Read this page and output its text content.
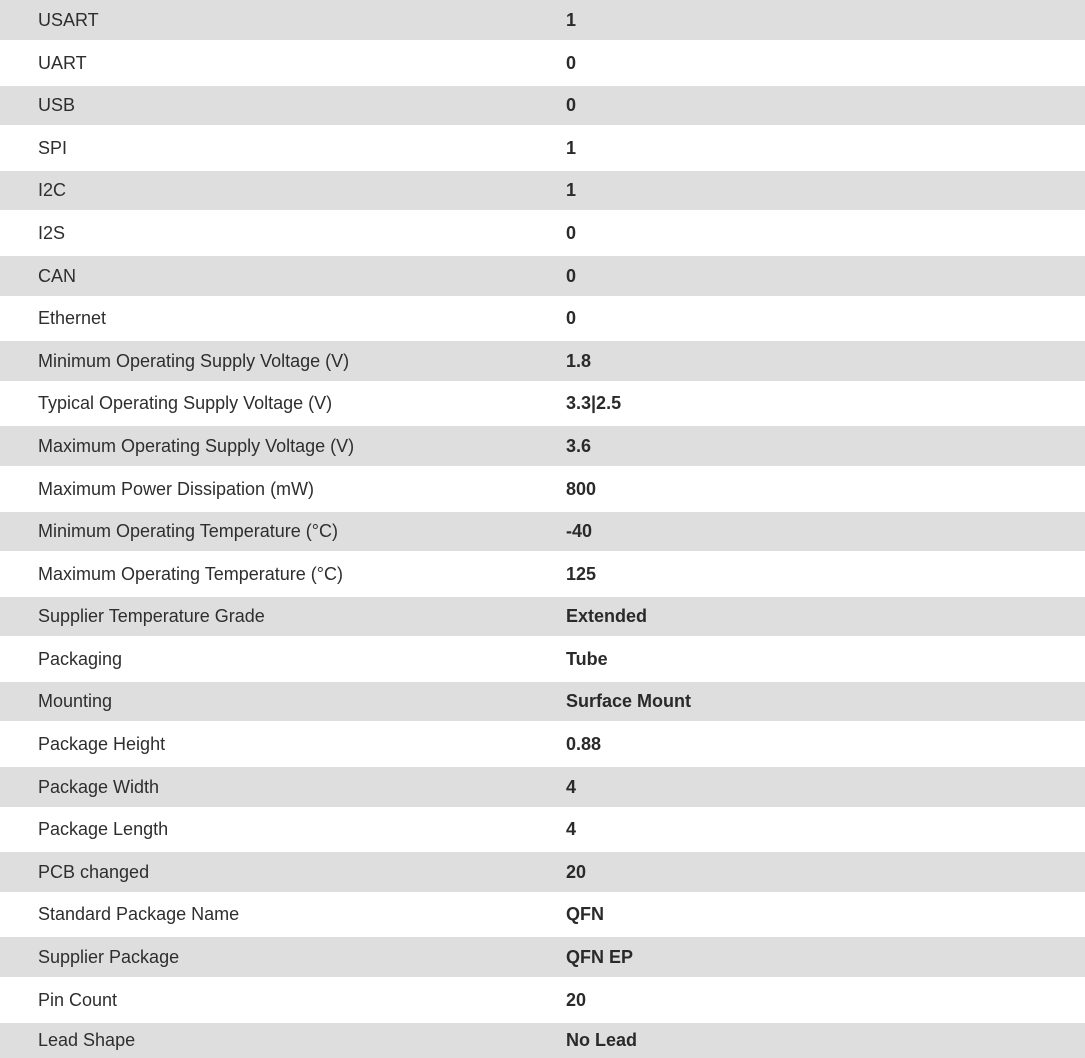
USART	1
UART	0
USB	0
SPI	1
I2C	1
I2S	0
CAN	0
Ethernet	0
Minimum Operating Supply Voltage (V)	1.8
Typical Operating Supply Voltage (V)	3.3|2.5
Maximum Operating Supply Voltage (V)	3.6
Maximum Power Dissipation (mW)	800
Minimum Operating Temperature (°C)	-40
Maximum Operating Temperature (°C)	125
Supplier Temperature Grade	Extended
Packaging	Tube
Mounting	Surface Mount
Package Height	0.88
Package Width	4
Package Length	4
PCB changed	20
Standard Package Name	QFN
Supplier Package	QFN EP
Pin Count	20
Lead Shape	No Lead
